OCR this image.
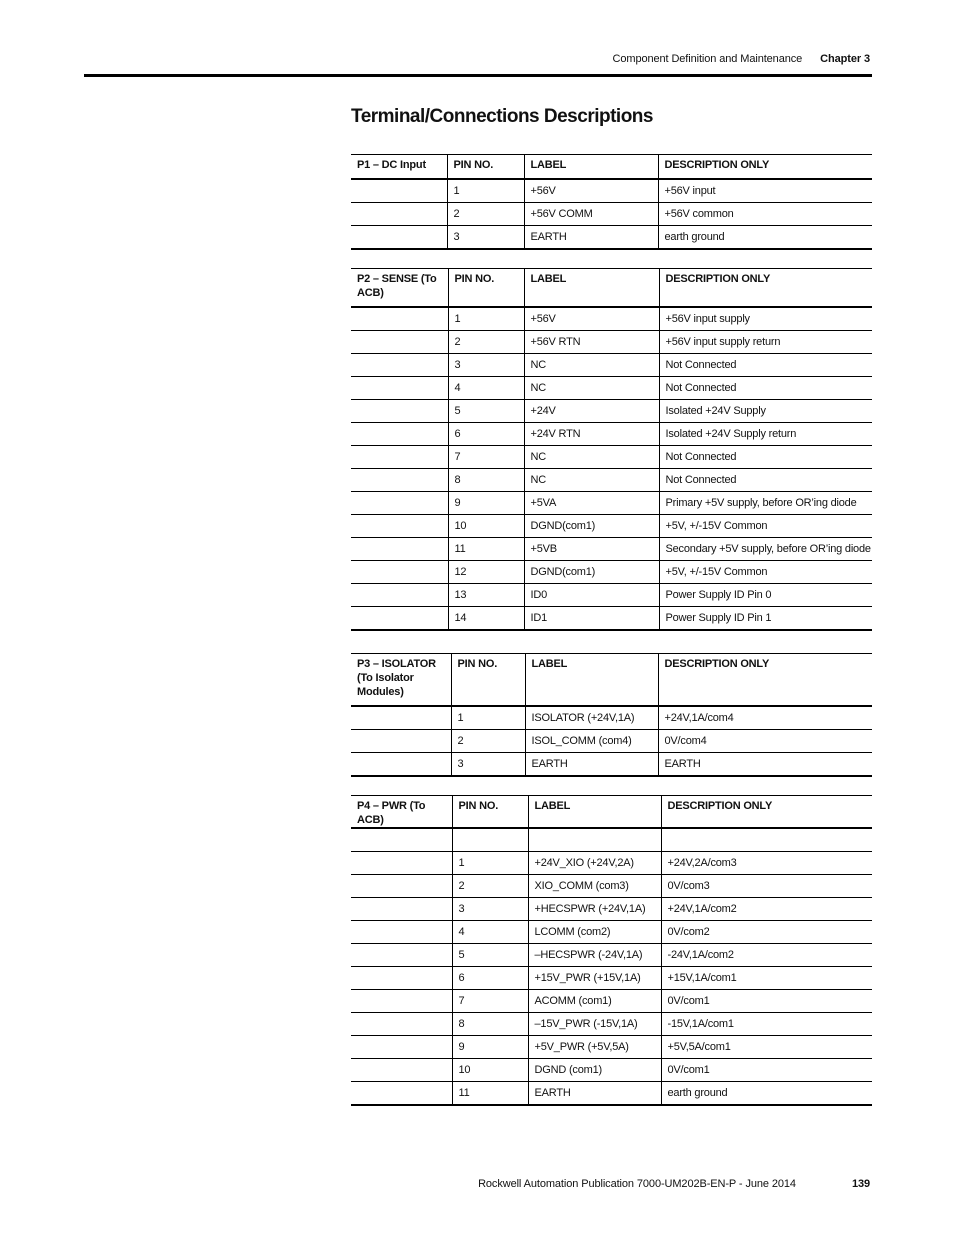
Component Definition and Maintenance Chapter 3
Terminal/Connections Descriptions
P1 – DC Input	PIN NO.	LABEL	DESCRIPTION ONLY
	1	+56V	+56V input
	2	+56V COMM	+56V common
	3	EARTH	earth ground
P2 – SENSE (To ACB)	PIN NO.	LABEL	DESCRIPTION ONLY
	1	+56V	+56V input supply
	2	+56V RTN	+56V input supply return
	3	NC	Not Connected
	4	NC	Not Connected
	5	+24V	Isolated +24V Supply
	6	+24V RTN	Isolated +24V Supply return
	7	NC	Not Connected
	8	NC	Not Connected
	9	+5VA	Primary +5V supply, before OR’ing diode
	10	DGND(com1)	+5V, +/-15V Common
	11	+5VB	Secondary +5V supply, before OR’ing diode
	12	DGND(com1)	+5V, +/-15V Common
	13	ID0	Power Supply ID Pin 0
	14	ID1	Power Supply ID Pin 1
P3 – ISOLATOR (To Isolator Modules)	PIN NO.	LABEL	DESCRIPTION ONLY
	1	ISOLATOR (+24V,1A)	+24V,1A/com4
	2	ISOL_COMM (com4)	0V/com4
	3	EARTH	EARTH
P4 – PWR (To ACB)	PIN NO.	LABEL	DESCRIPTION ONLY

	1	+24V_XIO (+24V,2A)	+24V,2A/com3
	2	XIO_COMM (com3)	0V/com3
	3	+HECSPWR (+24V,1A)	+24V,1A/com2
	4	LCOMM (com2)	0V/com2
	5	–HECSPWR (-24V,1A)	-24V,1A/com2
	6	+15V_PWR (+15V,1A)	+15V,1A/com1
	7	ACOMM (com1)	0V/com1
	8	–15V_PWR (-15V,1A)	-15V,1A/com1
	9	+5V_PWR (+5V,5A)	+5V,5A/com1
	10	DGND (com1)	0V/com1
	11	EARTH	earth ground
Rockwell Automation Publication 7000-UM202B-EN-P - June 2014	139
